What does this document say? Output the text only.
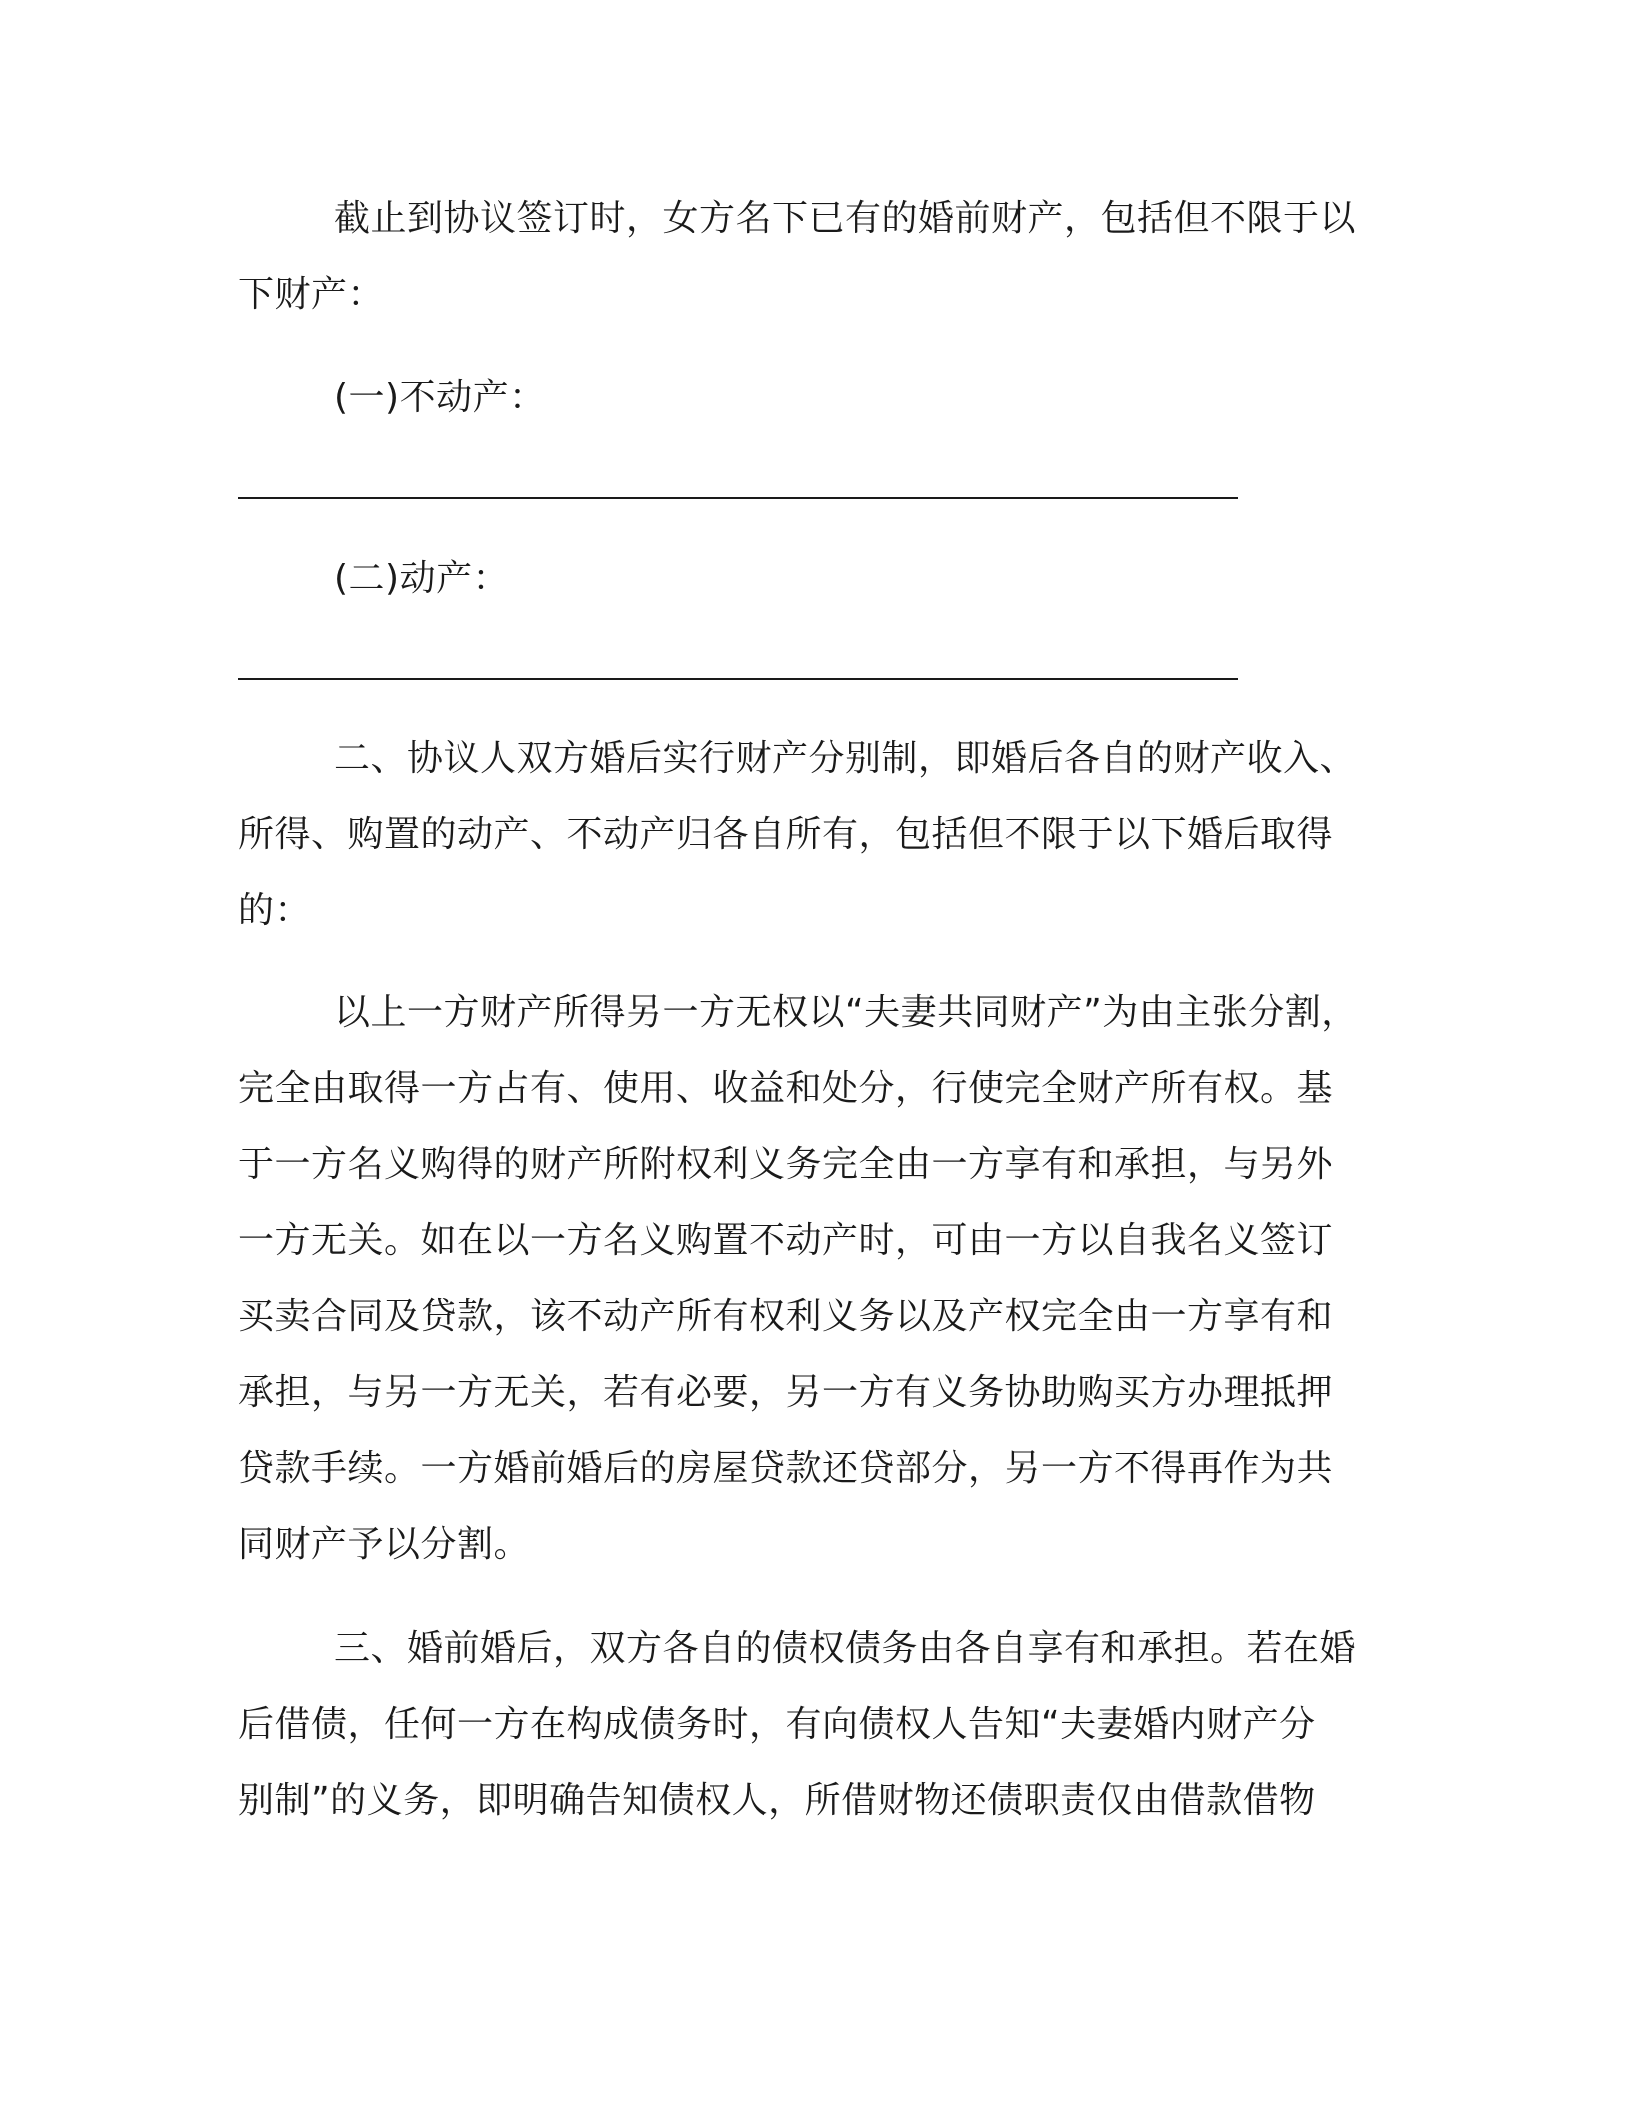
截止到协议签订时，女方名下已有的婚前财产，包括但不限于以
下财产：
(一)不动产：
(二)动产：
二、协议人双方婚后实行财产分别制，即婚后各自的财产收入、
所得、购置的动产、不动产归各自所有，包括但不限于以下婚后取得
的：
以上一方财产所得另一方无权以“夫妻共同财产”为由主张分割，
完全由取得一方占有、使用、收益和处分，行使完全财产所有权。基
于一方名义购得的财产所附权利义务完全由一方享有和承担，与另外
一方无关。如在以一方名义购置不动产时，可由一方以自我名义签订
买卖合同及贷款，该不动产所有权利义务以及产权完全由一方享有和
承担，与另一方无关，若有必要，另一方有义务协助购买方办理抵押
贷款手续。一方婚前婚后的房屋贷款还贷部分，另一方不得再作为共
同财产予以分割。
三、婚前婚后，双方各自的债权债务由各自享有和承担。若在婚
后借债，任何一方在构成债务时，有向债权人告知“夫妻婚内财产分
别制”的义务，即明确告知债权人，所借财物还债职责仅由借款借物
